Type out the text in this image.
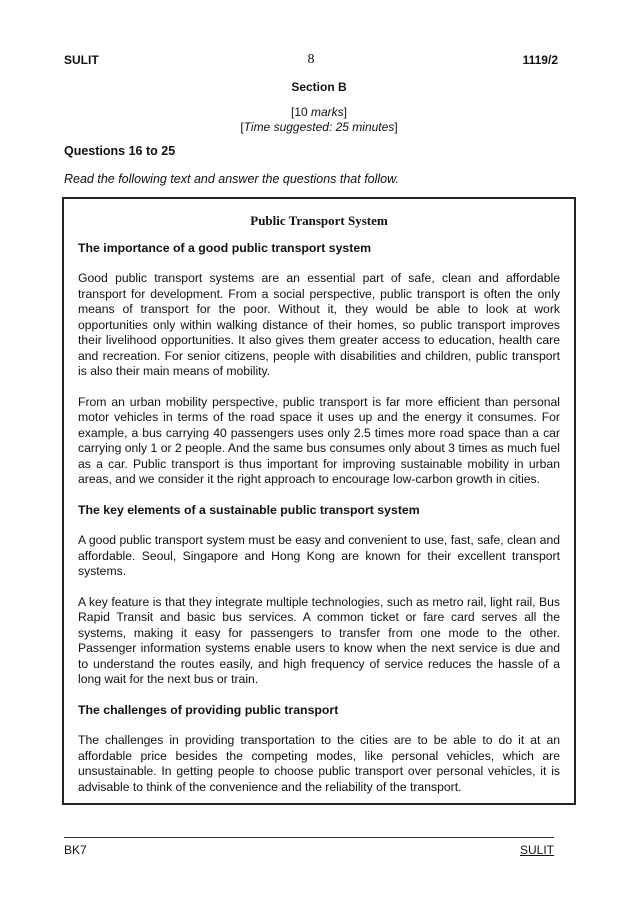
SULIT	8	1119/2
Section B
[10 marks]
[Time suggested: 25 minutes]
Questions 16 to 25
Read the following text and answer the questions that follow.
Public Transport System
The importance of a good public transport system
Good public transport systems are an essential part of safe, clean and affordable transport for development. From a social perspective, public transport is often the only means of transport for the poor. Without it, they would be able to look at work opportunities only within walking distance of their homes, so public transport improves their livelihood opportunities. It also gives them greater access to education, health care and recreation. For senior citizens, people with disabilities and children, public transport is also their main means of mobility.
From an urban mobility perspective, public transport is far more efficient than personal motor vehicles in terms of the road space it uses up and the energy it consumes. For example, a bus carrying 40 passengers uses only 2.5 times more road space than a car carrying only 1 or 2 people. And the same bus consumes only about 3 times as much fuel as a car. Public transport is thus important for improving sustainable mobility in urban areas, and we consider it the right approach to encourage low-carbon growth in cities.
The key elements of a sustainable public transport system
A good public transport system must be easy and convenient to use, fast, safe, clean and affordable. Seoul, Singapore and Hong Kong are known for their excellent transport systems.
A key feature is that they integrate multiple technologies, such as metro rail, light rail, Bus Rapid Transit and basic bus services. A common ticket or fare card serves all the systems, making it easy for passengers to transfer from one mode to the other. Passenger information systems enable users to know when the next service is due and to understand the routes easily, and high frequency of service reduces the hassle of a long wait for the next bus or train.
The challenges of providing public transport
The challenges in providing transportation to the cities are to be able to do it at an affordable price besides the competing modes, like personal vehicles, which are unsustainable. In getting people to choose public transport over personal vehicles, it is advisable to think of the convenience and the reliability of the transport.
BK7	SULIT
